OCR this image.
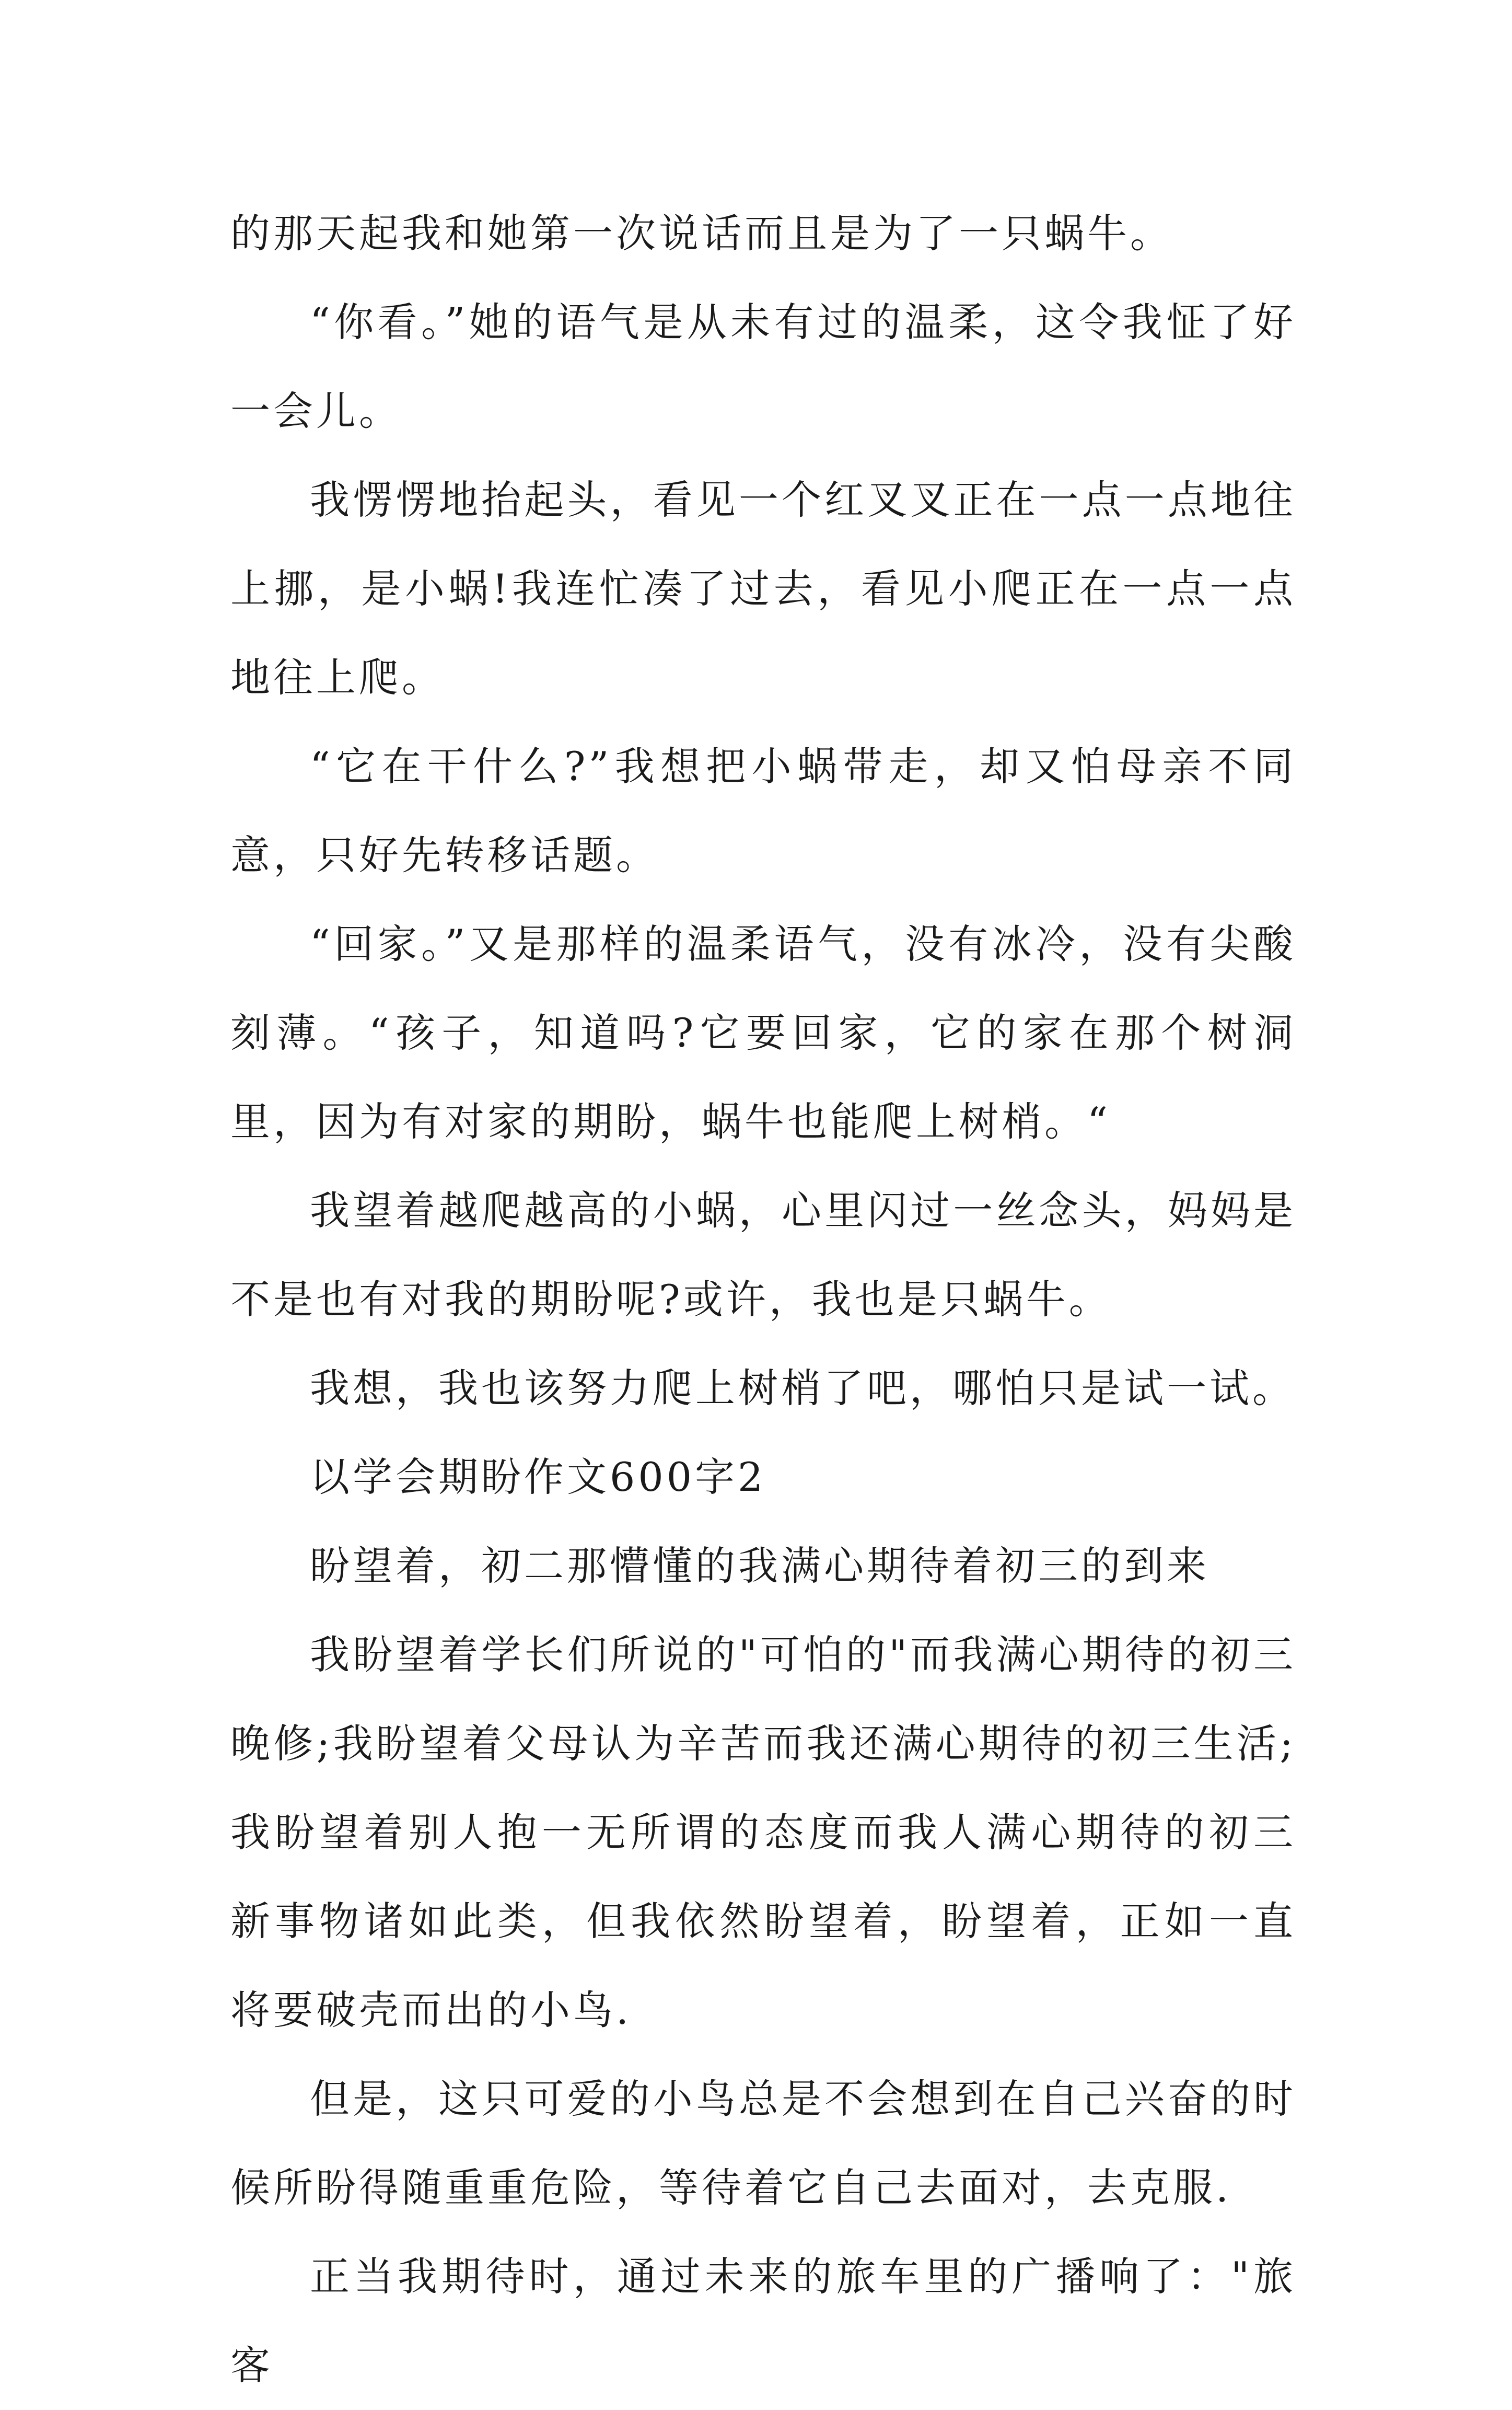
的那天起我和她第一次说话而且是为了一只蜗牛。

“你看。”她的语气是从未有过的温柔，这令我怔了好一会儿。

我愣愣地抬起头，看见一个红叉叉正在一点一点地往上挪，是小蜗!我连忙凑了过去，看见小爬正在一点一点地往上爬。

“它在干什么?”我想把小蜗带走，却又怕母亲不同意，只好先转移话题。

“回家。”又是那样的温柔语气，没有冰冷，没有尖酸刻薄。“孩子，知道吗?它要回家，它的家在那个树洞里，因为有对家的期盼，蜗牛也能爬上树梢。“

我望着越爬越高的小蜗，心里闪过一丝念头，妈妈是不是也有对我的期盼呢?或许，我也是只蜗牛。

我想，我也该努力爬上树梢了吧，哪怕只是试一试。

以学会期盼作文600字2

盼望着，初二那懵懂的我满心期待着初三的到来

我盼望着学长们所说的"可怕的"而我满心期待的初三晚修;我盼望着父母认为辛苦而我还满心期待的初三生活;我盼望着别人抱一无所谓的态度而我人满心期待的初三新事物诸如此类，但我依然盼望着，盼望着，正如一直将要破壳而出的小鸟.

但是，这只可爱的小鸟总是不会想到在自己兴奋的时候所盼得随重重危险，等待着它自己去面对，去克服.

正当我期待时，通过未来的旅车里的广播响了："旅客
